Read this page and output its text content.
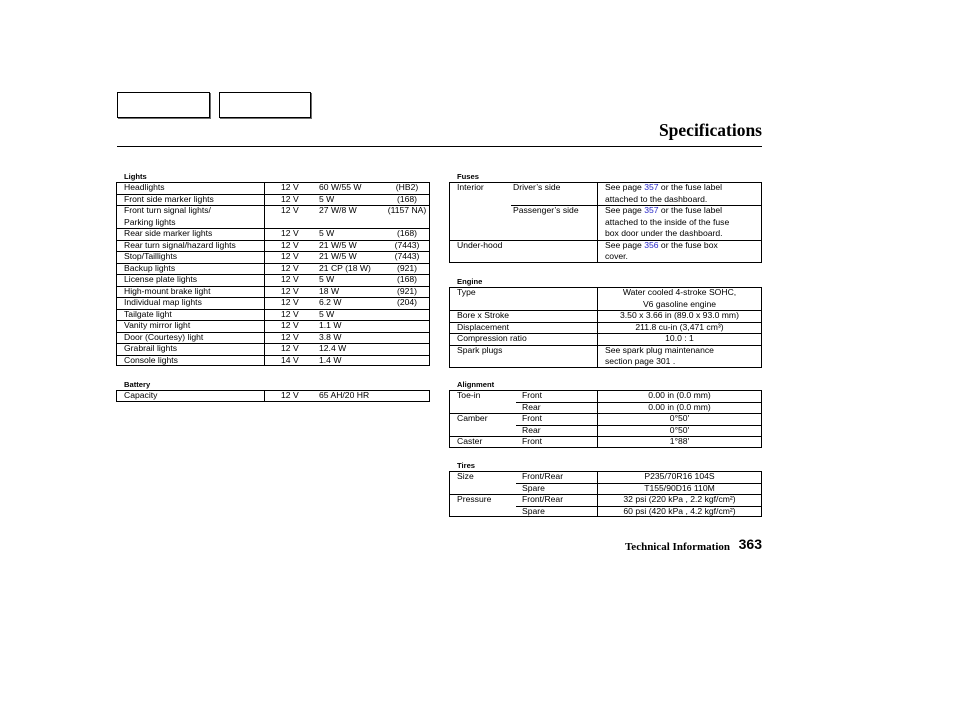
Specifications
Lights
Headlights	12 V	60 W/55 W	(HB2)
Front side marker lights	12 V	5 W	(168)
Front turn signal lights/
Parking lights	12 V	27 W/8 W	(1157 NA)
Rear side marker lights	12 V	5 W	(168)
Rear turn signal/hazard lights	12 V	21 W/5 W	(7443)
Stop/Taillights	12 V	21 W/5 W	(7443)
Backup lights	12 V	21 CP (18 W)	(921)
License plate lights	12 V	5 W	(168)
High-mount brake light	12 V	18 W	(921)
Individual map lights	12 V	6.2 W	(204)
Tailgate light	12 V	5 W	
Vanity mirror light	12 V	1.1 W	
Door (Courtesy) light	12 V	3.8 W	
Grabrail lights	12 V	12.4 W	
Console lights	14 V	1.4 W	
Battery
Capacity	12 V	65 AH/20 HR
Fuses
Interior	Driver’s side	See page 357 or the fuse label
attached to the dashboard.
	Passenger’s side	See page 357 or the fuse label
attached to the inside of the fuse
box door under the dashboard.
Under-hood		See page 356 or the fuse box
cover.
Engine
Type	Water cooled 4-stroke SOHC,
V6 gasoline engine
Bore x Stroke	3.50 x 3.66 in (89.0 x 93.0 mm)
Displacement	211.8 cu-in (3,471 cm³)
Compression ratio	10.0 : 1
Spark plugs	See spark plug maintenance
section page 301 .
Alignment
Toe-in	Front	0.00 in (0.0 mm)
	Rear	0.00 in (0.0 mm)
Camber	Front	0°50′
	Rear	0°50′
Caster	Front	1°88′
Tires
Size	Front/Rear	P235/70R16 104S
	Spare	T155/90D16 110M
Pressure	Front/Rear	32 psi (220 kPa , 2.2 kgf/cm²)
	Spare	60 psi (420 kPa , 4.2 kgf/cm²)
Technical Information 363
